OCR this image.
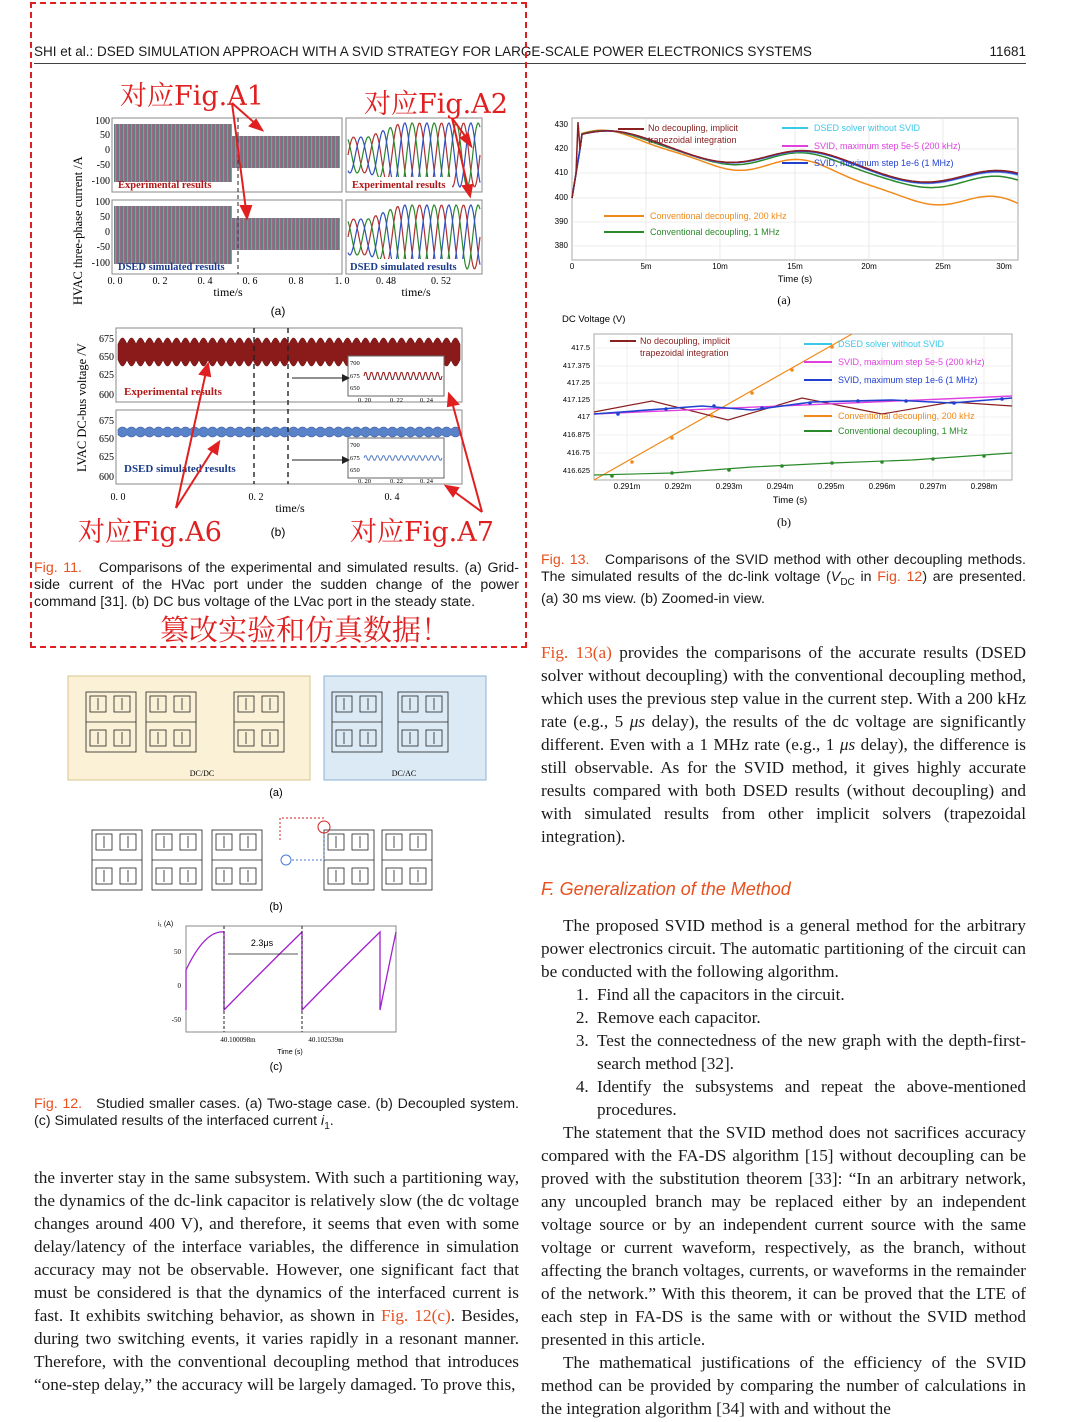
SHI et al.: DSED SIMULATION APPROACH WITH A SVID STRATEGY FOR LARGE-SCALE POWER ELECTRONICS SYSTEMS	11681
HVAC three-phase current /A	Experimental results
DSED simulated results
100
50
0
-50
-100
100
50
0
-50
-100
Experimental results
DSED simulated results
0. 0	0. 2	0. 4	0. 6	0. 8	1. 0	0. 48	0. 52
time/s	time/s
(a)
LVAC DC-bus voltage /V	Experimental results
DSED simulated results
700
675
650
0. 20	0. 22	0. 24
700
675
650
0. 20	0. 22	0. 24
675
650
625
600
675
650
625
600
0. 0	0. 2	0. 4
time/s
(b)
Fig. 11. Comparisons of the experimental and simulated results. (a) Grid-side current of the HVac port under the sudden change of the power command [31]. (b) DC bus voltage of the LVac port in the steady state.
对应Fig.A1	对应Fig.A2
对应Fig.A6	对应Fig.A7
篡改实验和仿真数据！
430
420
410
400
390
380
No decoupling, implicit
trapezoidal integration
DSED solver without SVID
SVID, maximum step 5e-5 (200 kHz)
SVID, maximum step 1e-6 (1 MHz)
Conventional decoupling, 200 kHz
Conventional decoupling, 1 MHz
0	5m	10m	15m	20m	25m	30m
Time (s)
(a)
DC Voltage (V)
417.5
417.375
417.25
417.125
417
416.875
416.75
416.625
No decoupling, implicit
trapezoidal integration
DSED solver without SVID
SVID, maximum step 5e-5 (200 kHz)
SVID, maximum step 1e-6 (1 MHz)
Conventional decoupling, 200 kHz
Conventional decoupling, 1 MHz
0.291m	0.292m	0.293m	0.294m	0.295m	0.296m	0.297m	0.298m
Time (s)
(b)
Fig. 13. Comparisons of the SVID method with other decoupling methods. The simulated results of the dc-link voltage ($V_{DC}$ in Fig. 12) are presented. (a) 30 ms view. (b) Zoomed-in view.
DC/DC	DC/AC
(a)
(b)
i₁ (A)
50
0
-50
2.3μs
40.100098m	40.102539m
Time (s)
(c)
Fig. 12. Studied smaller cases. (a) Two-stage case. (b) Decoupled system. (c) Simulated results of the interfaced current $i_1$.

the inverter stay in the same subsystem. With such a partitioning way, the dynamics of the dc-link capacitor is relatively slow (the dc voltage changes around 400 V), and therefore, it seems that even with some delay/latency of the interface variables, the difference in simulation accuracy may not be observable. However, one significant fact that must be considered is that the dynamics of the interfaced current is fast. It exhibits switching behavior, as shown in Fig. 12(c). Besides, during two switching events, it varies rapidly in a resonant manner. Therefore, with the conventional decoupling method that introduces “one-step delay,” the accuracy will be largely damaged. To prove this,

Fig. 13(a) provides the comparisons of the accurate results (DSED solver without decoupling) with the conventional decoupling method, which uses the previous step value in the current step. With a 200 kHz rate (e.g., 5 μs delay), the results of the dc voltage are significantly different. Even with a 1 MHz rate (e.g., 1 μs delay), the difference is still observable. As for the SVID method, it gives highly accurate results compared with both DSED results (without decoupling) and with simulated results from other implicit solvers (trapezoidal integration).

F. Generalization of the Method

The proposed SVID method is a general method for the arbitrary power electronics circuit. The automatic partitioning of the circuit can be conducted with the following algorithm.

1. Find all the capacitors in the circuit.
2. Remove each capacitor.
3. Test the connectedness of the new graph with the depth-first-search method [32].
4. Identify the subsystems and repeat the above-mentioned procedures.

The statement that the SVID method does not sacrifices accuracy compared with the FA-DS algorithm [15] without decoupling can be proved with the substitution theorem [33]: “In an arbitrary network, any uncoupled branch may be replaced either by an independent voltage source or by an independent current source with the same voltage or current waveform, respectively, as the branch, without affecting the branch voltages, currents, or waveforms in the remainder of the network.” With this theorem, it can be proved that the LTE of each step in FA-DS is the same with or without the SVID method presented in this article.

The mathematical justifications of the efficiency of the SVID method can be provided by comparing the number of calculations in the integration algorithm [34] with and without the
